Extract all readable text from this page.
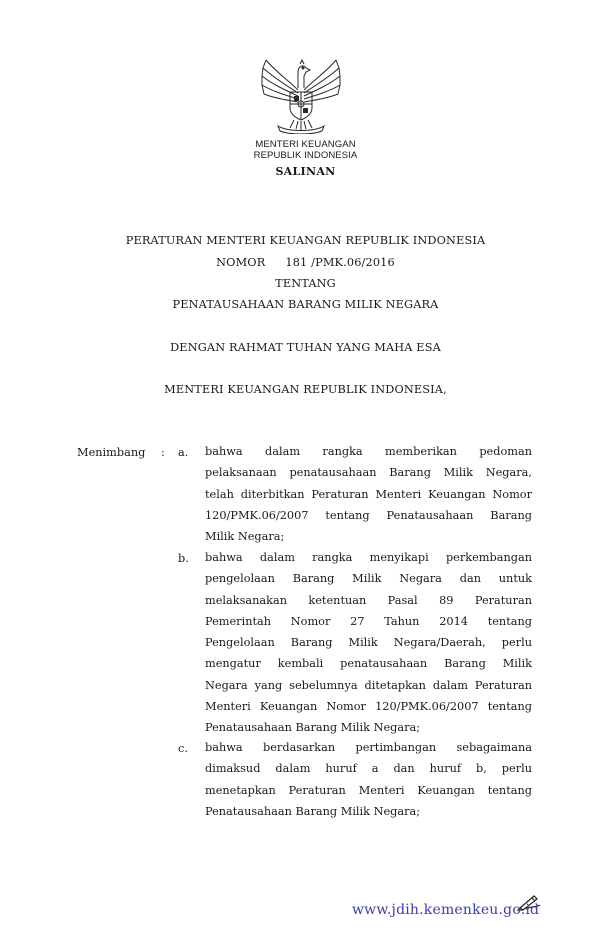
MENTERI KEUANGAN
REPUBLIK INDONESIA
SALINAN
PERATURAN MENTERI KEUANGAN REPUBLIK INDONESIA
NOMOR 181 /PMK.06/2016
TENTANG
PENATAUSAHAAN BARANG MILIK NEGARA
DENGAN RAHMAT TUHAN YANG MAHA ESA
MENTERI KEUANGAN REPUBLIK INDONESIA,
Menimbang : a. bahwa dalam rangka memberikan pedoman
pelaksanaan penatausahaan Barang Milik Negara,
telah diterbitkan Peraturan Menteri Keuangan Nomor
120/PMK.06/2007 tentang Penatausahaan Barang
Milik Negara;
b. bahwa dalam rangka menyikapi perkembangan
pengelolaan Barang Milik Negara dan untuk
melaksanakan ketentuan Pasal 89 Peraturan
Pemerintah Nomor 27 Tahun 2014 tentang
Pengelolaan Barang Milik Negara/Daerah, perlu
mengatur kembali penatausahaan Barang Milik
Negara yang sebelumnya ditetapkan dalam Peraturan
Menteri Keuangan Nomor 120/PMK.06/2007 tentang
Penatausahaan Barang Milik Negara;
c. bahwa berdasarkan pertimbangan sebagaimana
dimaksud dalam huruf a dan huruf b, perlu
menetapkan Peraturan Menteri Keuangan tentang
Penatausahaan Barang Milik Negara;
www.jdih.kemenkeu.go.id
